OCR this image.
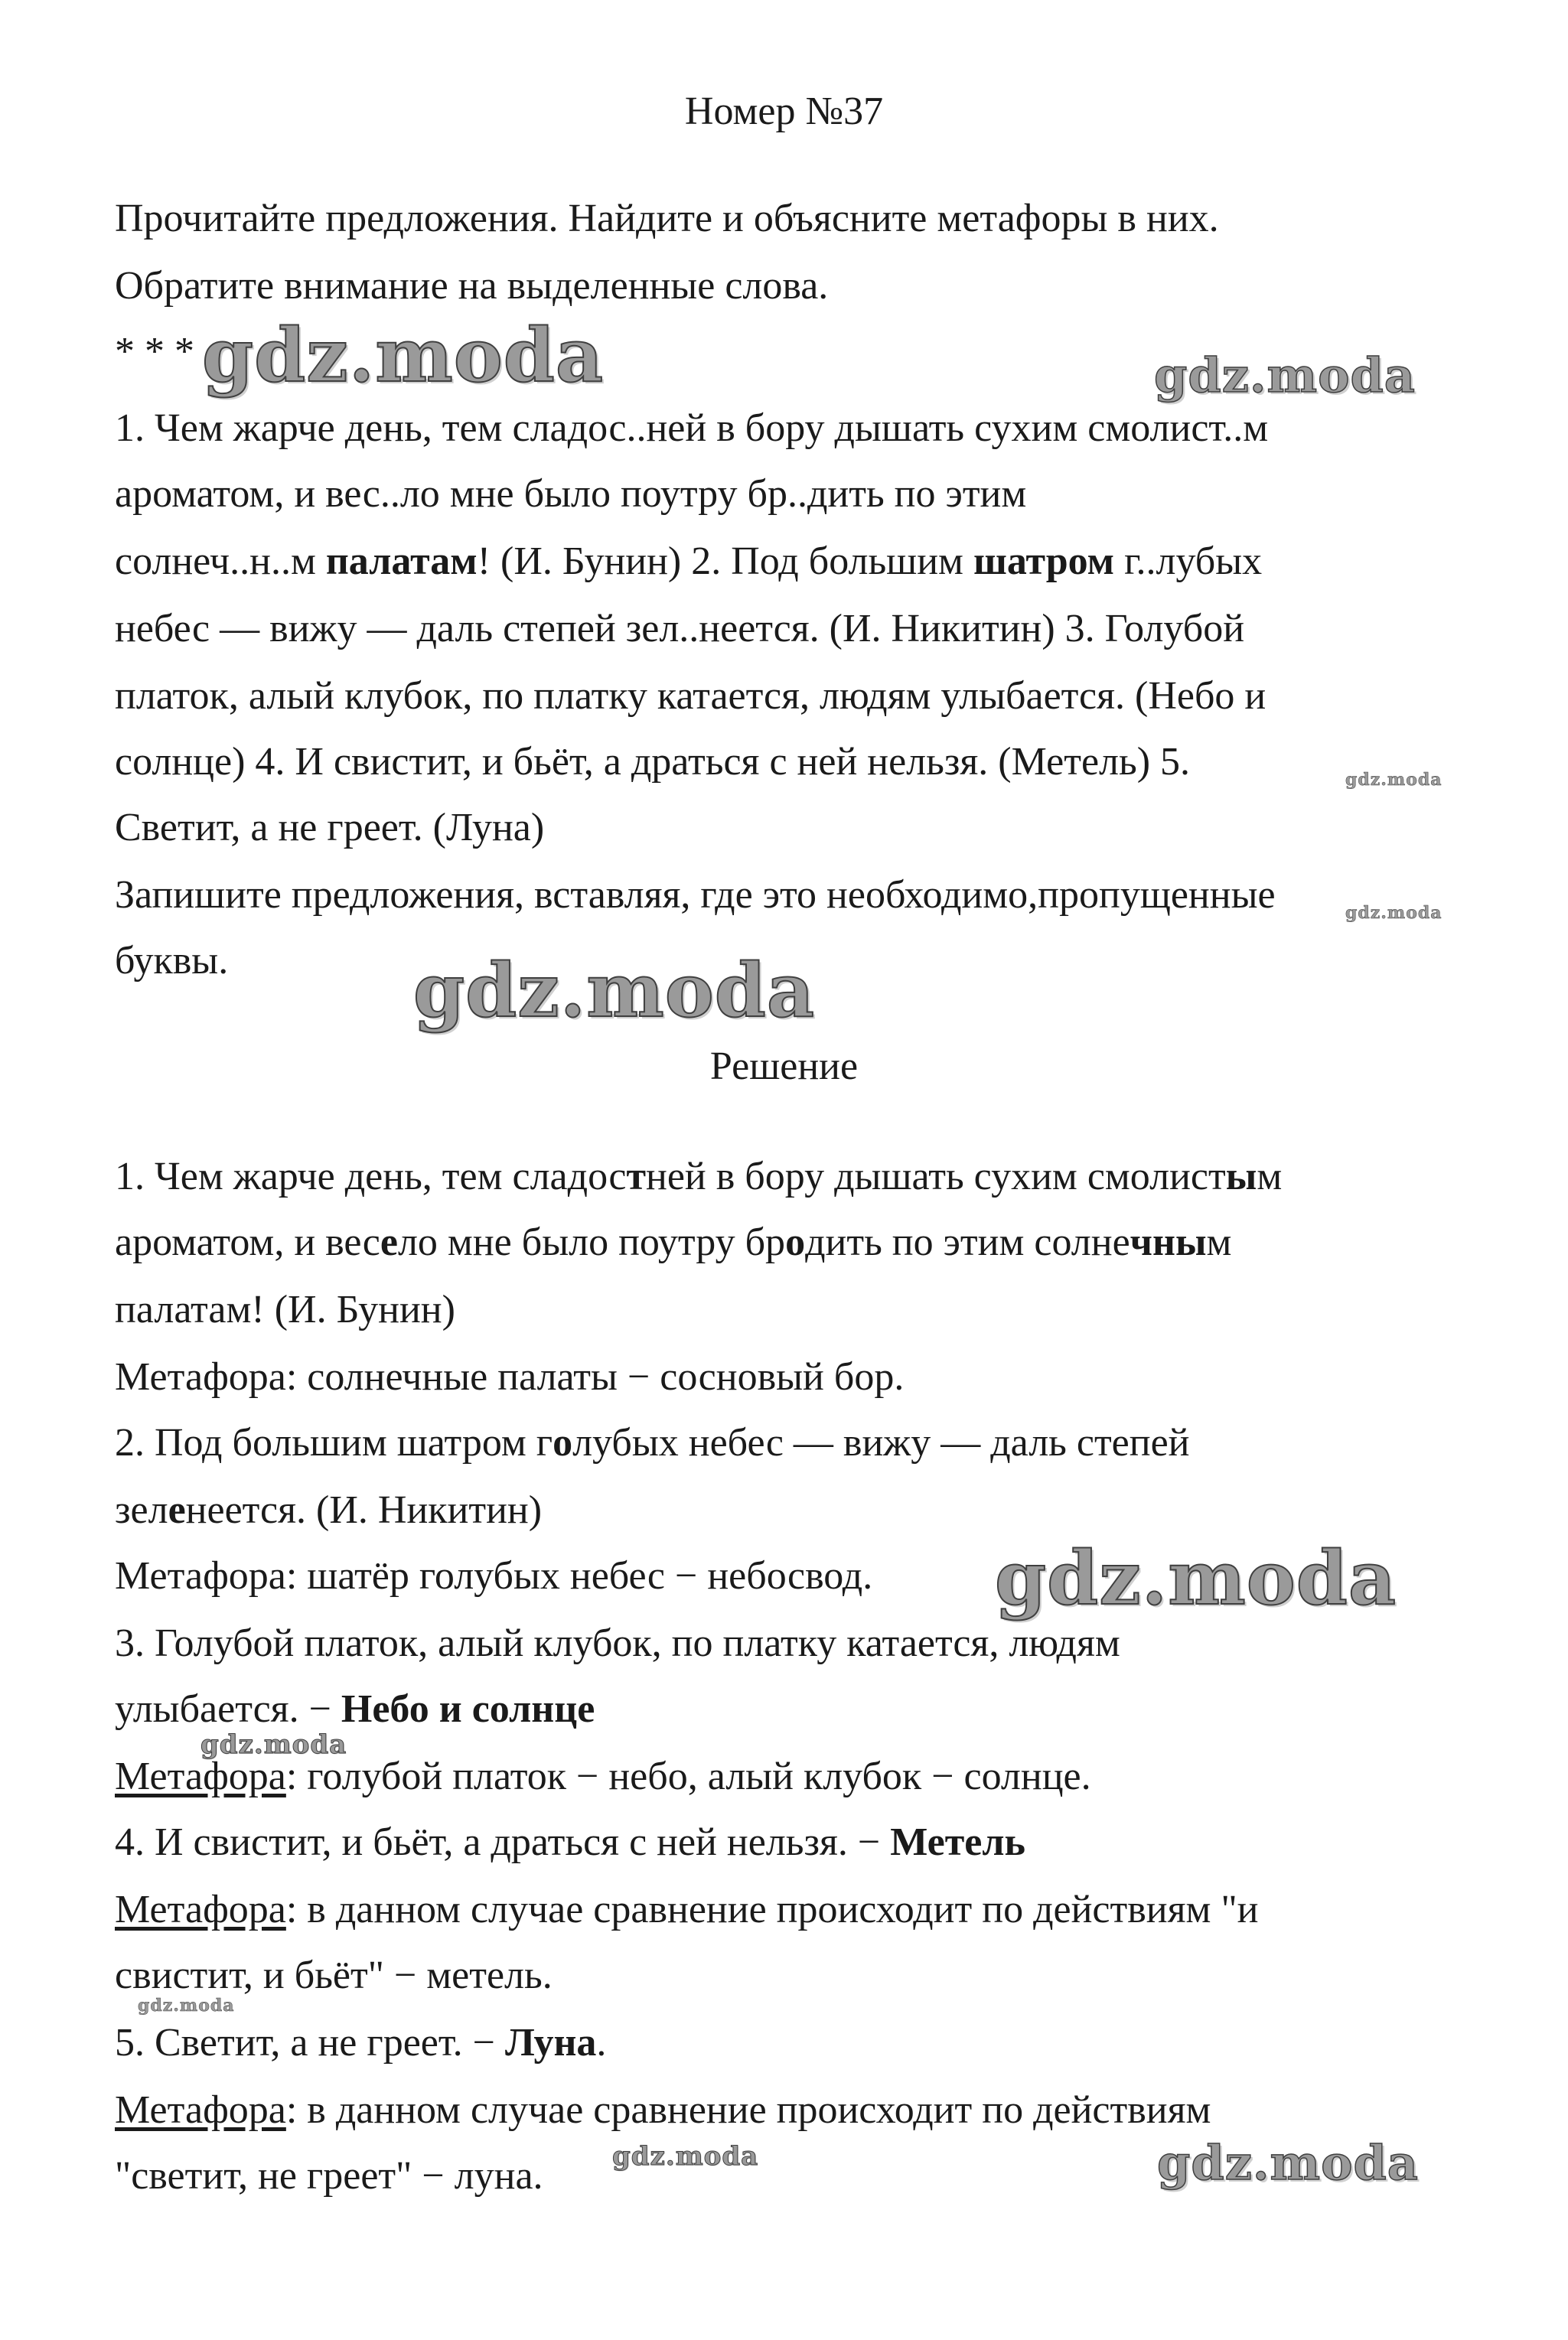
Номер №37
Прочитайте предложения. Найдите и объясните метафоры в них.
Обратите внимание на выделенные слова.
* * *
1. Чем жарче день, тем сладос..ней в бору дышать сухим смолист..м
ароматом, и вес..ло мне было поутру бр..дить по этим
солнеч..н..м палатам! (И. Бунин) 2. Под большим шатром г..лубых
небес — вижу — даль степей зел..неется. (И. Никитин) 3. Голубой
платок, алый клубок, по платку катается, людям улыбается. (Небо и
солнце) 4. И свистит, и бьёт, а драться с ней нельзя. (Метель) 5.
Светит, а не греет. (Луна)
Запишите предложения, вставляя, где это необходимо,пропущенные
буквы.
Решение
1. Чем жарче день, тем сладостней в бору дышать сухим смолистым
ароматом, и весело мне было поутру бродить по этим солнечным
палатам! (И. Бунин)
Метафора: солнечные палаты − сосновый бор.
2. Под большим шатром голубых небес — вижу — даль степей
зеленеется. (И. Никитин)
Метафора: шатёр голубых небес − небосвод.
3. Голубой платок, алый клубок, по платку катается, людям
улыбается. − Небо и солнце
Метафора: голубой платок − небо, алый клубок − солнце.
4. И свистит, и бьёт, а драться с ней нельзя. − Метель
Метафора: в данном случае сравнение происходит по действиям "и
свистит, и бьёт" − метель.
5. Светит, а не греет. − Луна.
Метафора: в данном случае сравнение происходит по действиям
"светит, не греет" − луна.
gdz.moda	gdz.moda
gdz.moda
gdz.moda
gdz.moda
gdz.moda
gdz.moda
gdz.moda
gdz.moda	gdz.moda
